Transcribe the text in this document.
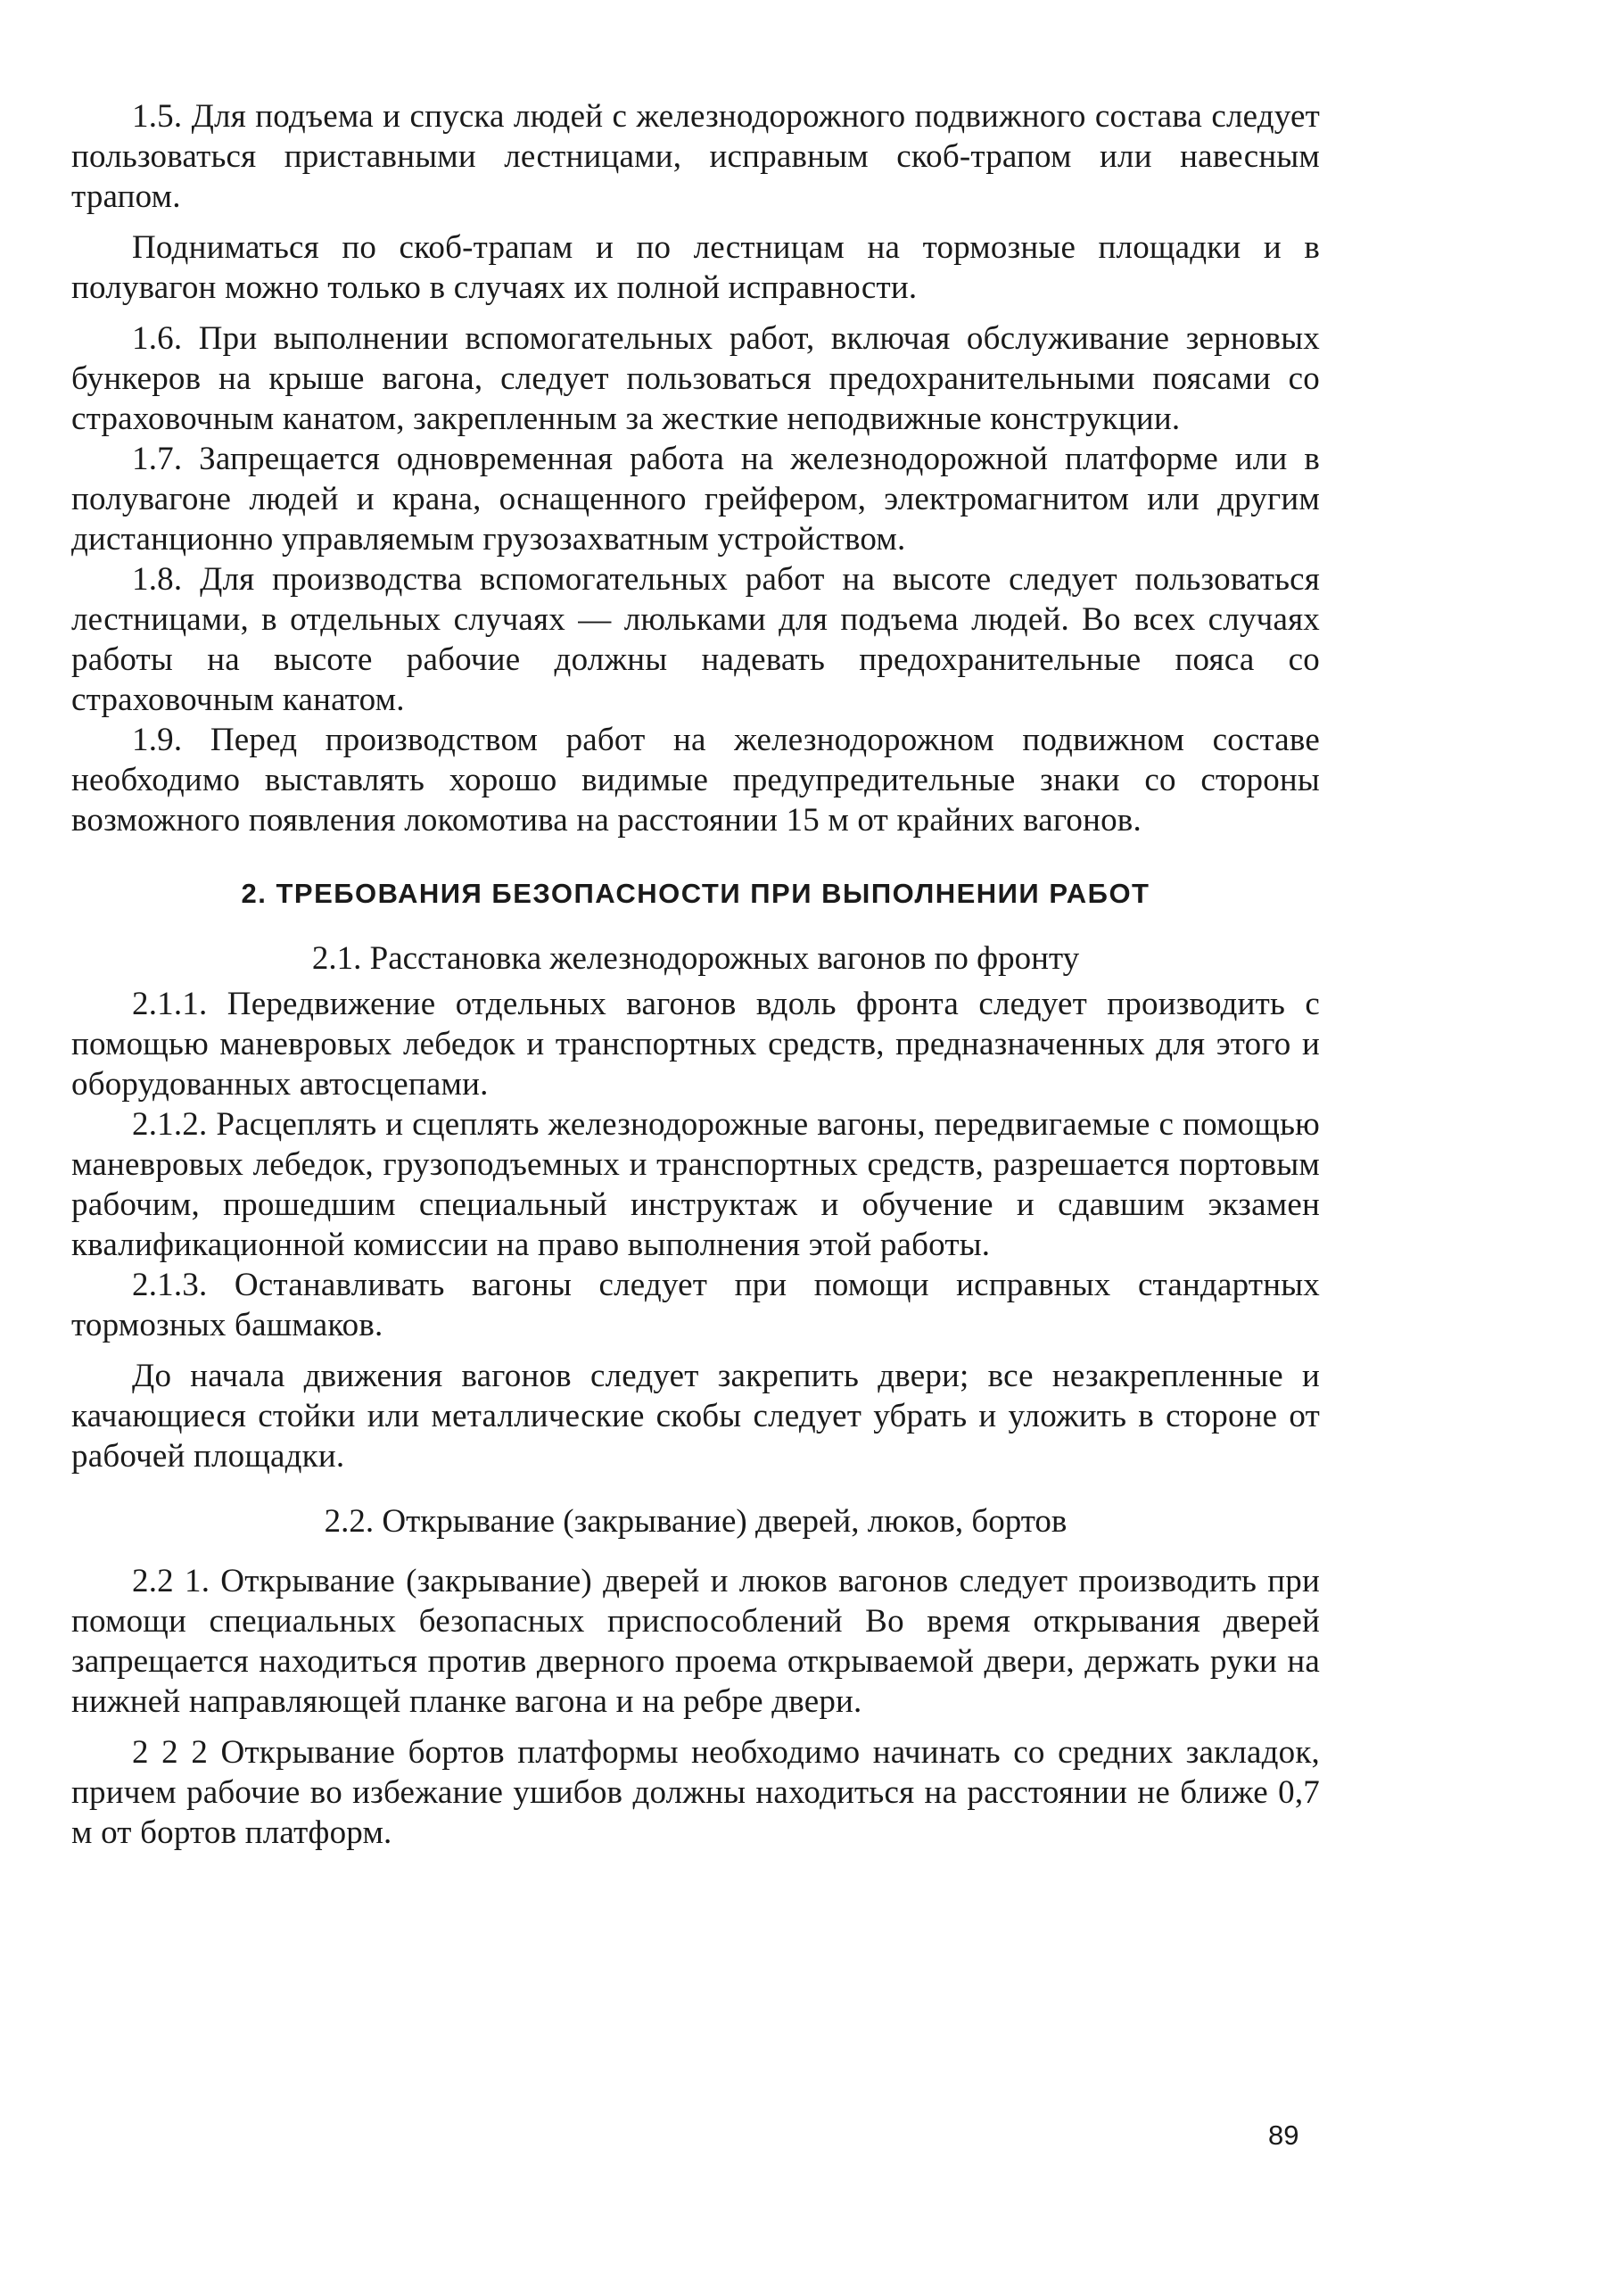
1.5. Для подъема и спуска людей с железнодорожного подвижного состава следует пользоваться приставными лестницами, исправным скоб-трапом или навесным трапом.

Подниматься по скоб-трапам и по лестницам на тормозные площадки и в полувагон можно только в случаях их полной исправности.

1.6. При выполнении вспомогательных работ, включая обслуживание зерновых бункеров на крыше вагона, следует пользоваться предохранительными поясами со страховочным канатом, закрепленным за жесткие неподвижные конструкции.

1.7. Запрещается одновременная работа на железнодорожной платформе или в полувагоне людей и крана, оснащенного грейфером, электромагнитом или другим дистанционно управляемым грузозахватным устройством.

1.8. Для производства вспомогательных работ на высоте следует пользоваться лестницами, в отдельных случаях — люльками для подъема людей. Во всех случаях работы на высоте рабочие должны надевать предохранительные пояса со страховочным канатом.

1.9. Перед производством работ на железнодорожном подвижном составе необходимо выставлять хорошо видимые предупредительные знаки со стороны возможного появления локомотива на расстоянии 15 м от крайних вагонов.

2. ТРЕБОВАНИЯ БЕЗОПАСНОСТИ ПРИ ВЫПОЛНЕНИИ РАБОТ

2.1. Расстановка железнодорожных вагонов по фронту

2.1.1. Передвижение отдельных вагонов вдоль фронта следует производить с помощью маневровых лебедок и транспортных средств, предназначенных для этого и оборудованных автосцепами.

2.1.2. Расцеплять и сцеплять железнодорожные вагоны, передвигаемые с помощью маневровых лебедок, грузоподъемных и транспортных средств, разрешается портовым рабочим, прошедшим специальный инструктаж и обучение и сдавшим экзамен квалификационной комиссии на право выполнения этой работы.

2.1.3. Останавливать вагоны следует при помощи исправных стандартных тормозных башмаков.

До начала движения вагонов следует закрепить двери; все незакрепленные и качающиеся стойки или металлические скобы следует убрать и уложить в стороне от рабочей площадки.

2.2. Открывание (закрывание) дверей, люков, бортов

2.2 1. Открывание (закрывание) дверей и люков вагонов следует производить при помощи специальных безопасных приспособлений Во время открывания дверей запрещается находиться против дверного проема открываемой двери, держать руки на нижней направляющей планке вагона и на ребре двери.

2 2 2 Открывание бортов платформы необходимо начинать со средних закладок, причем рабочие во избежание ушибов должны находиться на расстоянии не ближе 0,7 м от бортов платформ.

89
